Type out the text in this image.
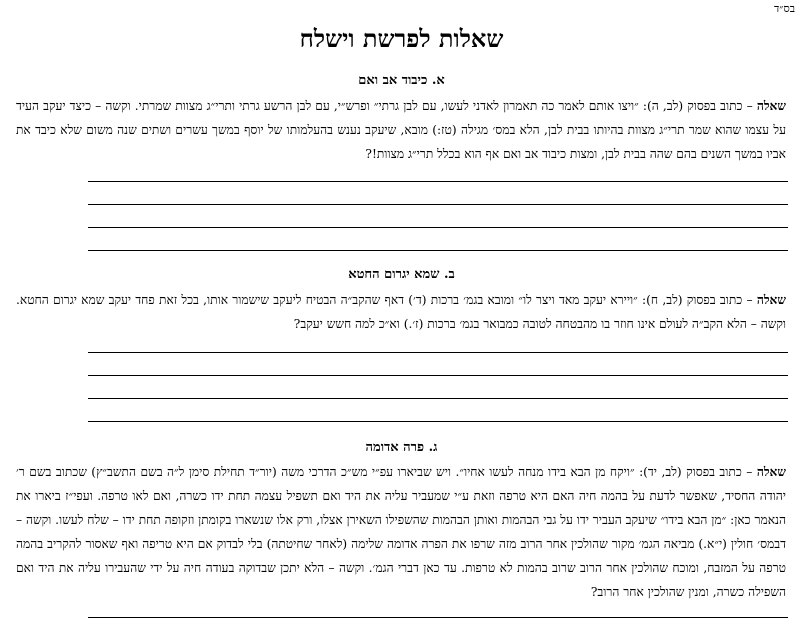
בס״ד
שאלות לפרשת וישלח
א. כיבוד אב ואם
שאלה – כתוב בפסוק (לב, ה): ״ויצו אותם לאמר כה תאמרון לאדני לעשו, עם לבן גרתי״ ופרש״י, עם לבן הרשע גרתי ותרי״ג מצוות שמרתי. וקשה – כיצד יעקב העיד על עצמו שהוא שמר תרי״ג מצוות בהיותו בבית לבן, הלא במס׳ מגילה (טז:) מובא, שיעקב נענש בהעלמותו של יוסף במשך עשרים ושתים שנה משום שלא כיבד את אביו במשך השנים בהם שהה בבית לבן, ומצות כיבוד אב ואם אף הוא בכלל תרי״ג מצוות!?
ב. שמא יגרום החטא
שאלה – כתוב בפסוק (לב, ח): ״ויירא יעקב מאד ויצר לו״ ומובא בגמ׳ ברכות (ד׳) דאף שהקב״ה הבטיח ליעקב שישמור אותו, בכל זאת פחד יעקב שמא יגרום החטא. וקשה – הלא הקב״ה לעולם אינו חוזר בו מהבטחה לטובה כמבואר בגמ׳ ברכות (ז׳.) וא״כ למה חשש יעקב?
ג. פרה אדומה
שאלה – כתוב בפסוק (לב, יד): ״ויקח מן הבא בידו מנחה לעשו אחיו״. ויש שביארו עפ״י מש״כ הדרכי משה (יור״ד תחילת סימן ל״ה בשם התשב״ץ) שכתוב בשם ר׳ יהודה החסיד, שאפשר לדעת על בהמה חיה האם היא טרפה וזאת ע״י שמעביר עליה את היד ואם תשפיל עצמה תחת ידו כשרה, ואם לאו טרפה. ועפי״ז ביארו את הנאמר כאן: ״מן הבא בידו״ שיעקב העביר ידו על גבי הבהמות ואותן הבהמות שהשפילו השאירן אצלו, ורק אלו שנשארו בקומתן וזקופה תחת ידו – שלח לעשו. וקשה – דבמס׳ חולין (י״א.) מביאה הגמ׳ מקור שהולכין אחר הרוב מזה שרפו את הפרה אדומה שלימה (לאחר שחיטתה) בלי לבדוק אם היא טריפה ואף שאסור להקריב בהמה טרפה על המזבח, ומוכח שהולכין אחר הרוב שרוב בהמות לא טרפות. עד כאן דברי הגמ׳. וקשה – הלא יתכן שבדוקה בעודה חיה על ידי שהעבירו עליה את היד ואם השפילה כשרה, ומנין שהולכין אחר הרוב?
